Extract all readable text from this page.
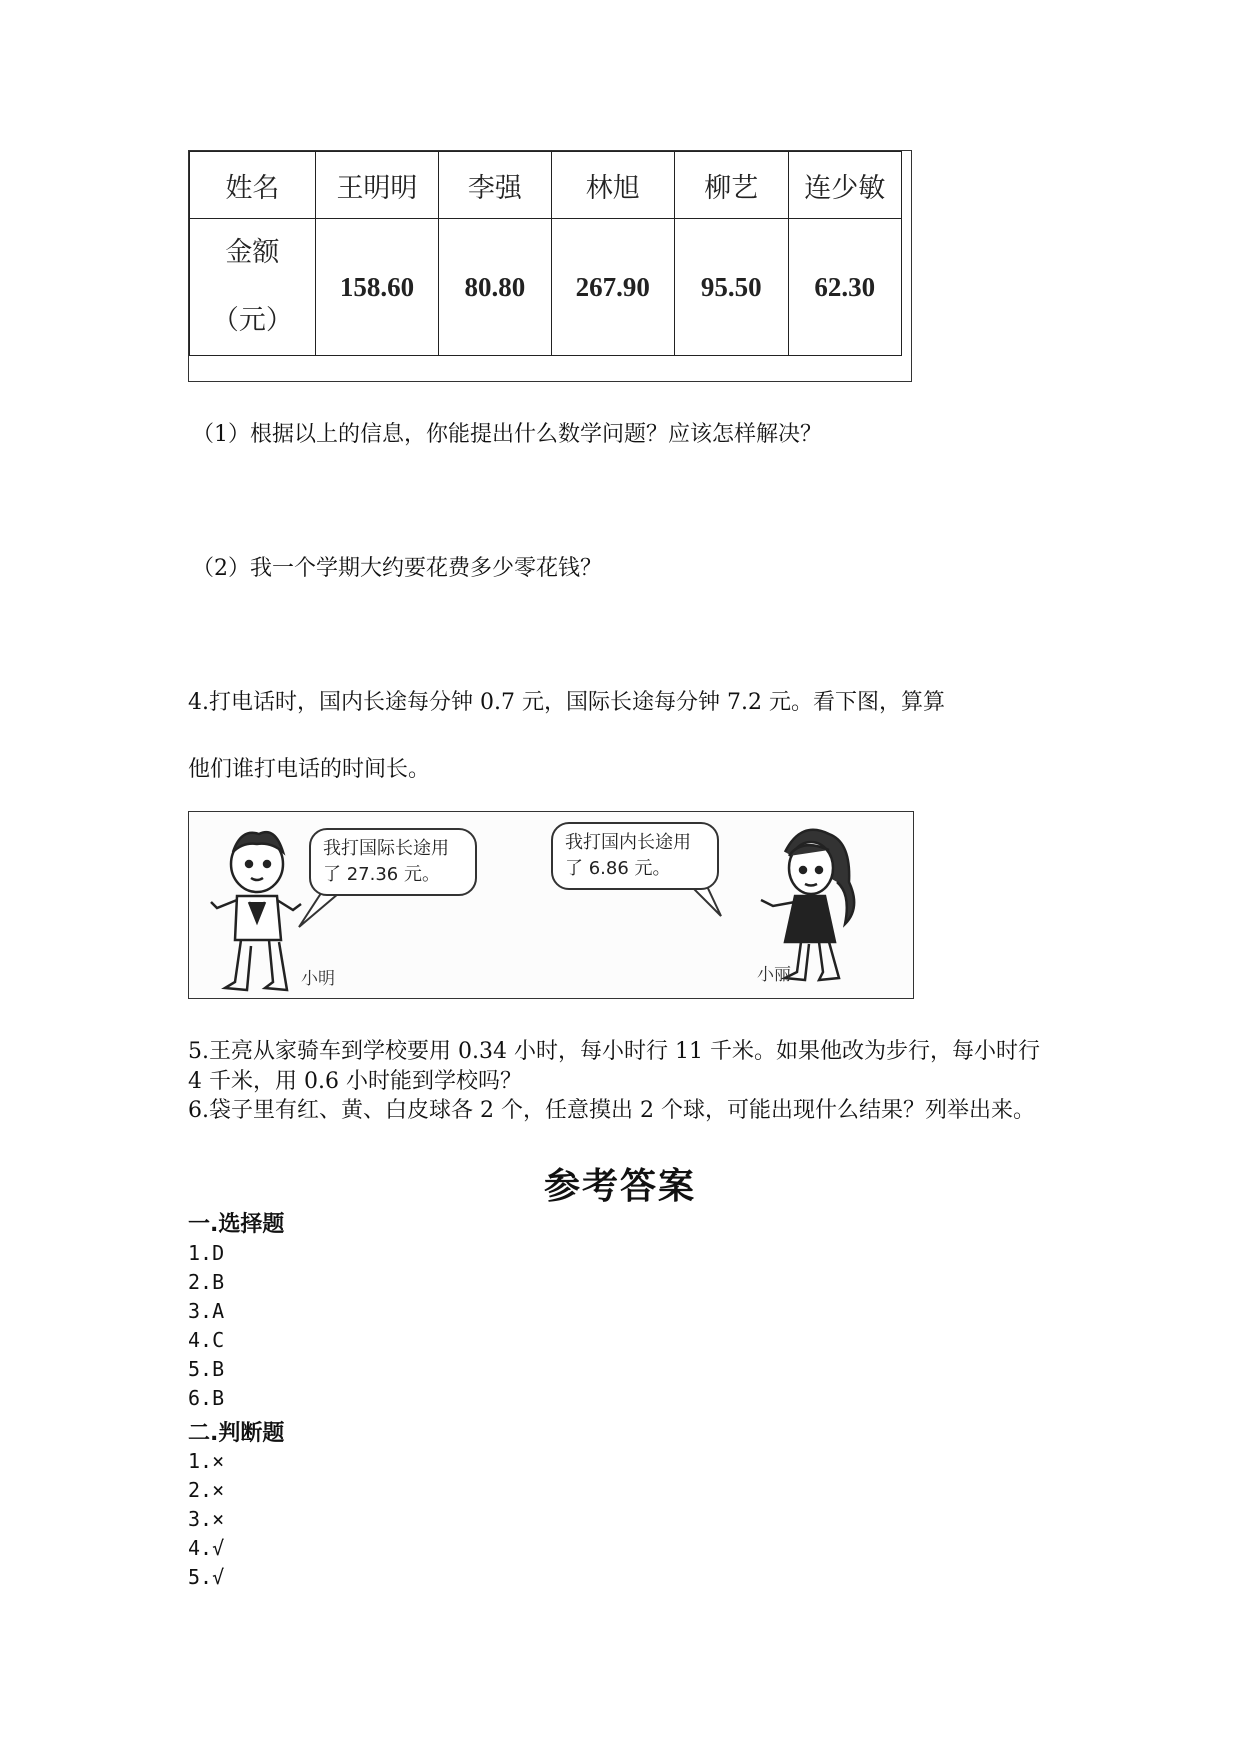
姓名	王明明	李强	林旭	柳艺	连少敏

金额
（元）	158.60	80.80	267.90	95.50	62.30
（1）根据以上的信息，你能提出什么数学问题？应该怎样解决？
（2）我一个学期大约要花费多少零花钱？
4.打电话时，国内长途每分钟 0.7 元，国际长途每分钟 7.2 元。看下图，算算
他们谁打电话的时间长。
我打国际长途用
了 27.36 元。
我打国内长途用
了 6.86 元。
小明	小丽
5.王亮从家骑车到学校要用 0.34 小时，每小时行 11 千米。如果他改为步行，每小时行 4 千米，用 0.6 小时能到学校吗？
6.袋子里有红、黄、白皮球各 2 个，任意摸出 2 个球，可能出现什么结果？列举出来。
参考答案
一.选择题
1.D
2.B
3.A
4.C
5.B
6.B
二.判断题
1.×
2.×
3.×
4.√
5.√
